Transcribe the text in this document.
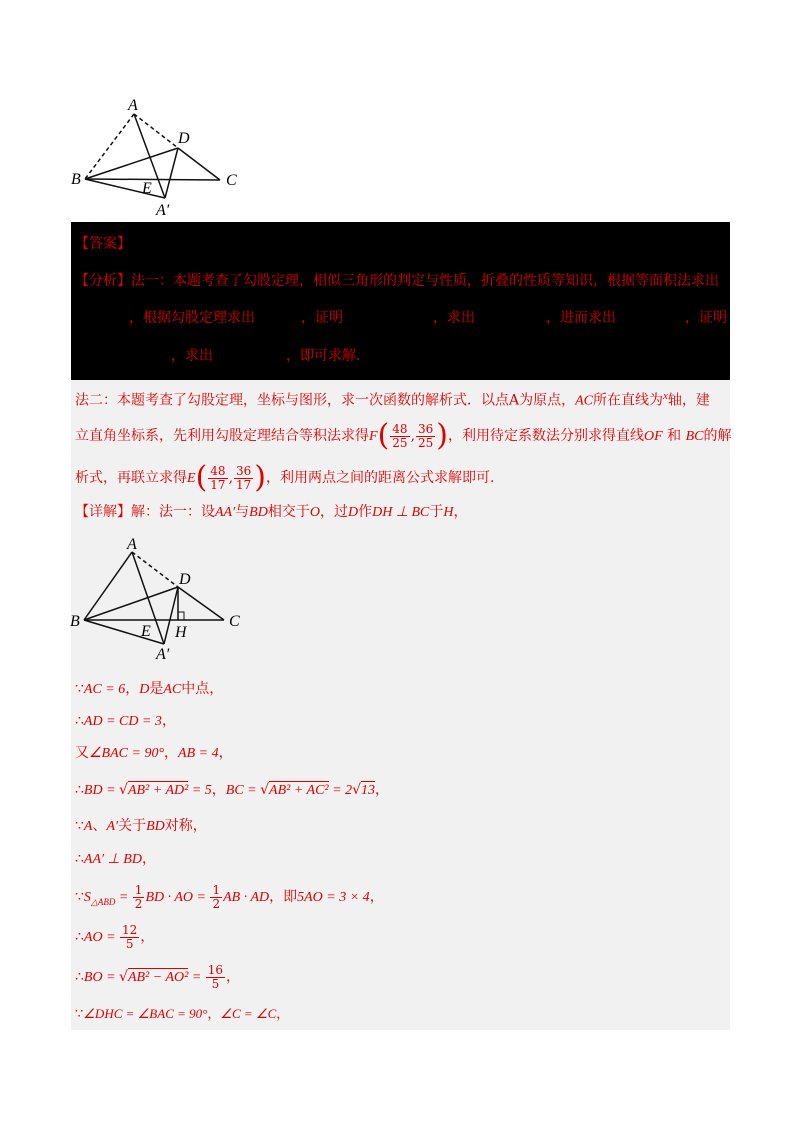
A
B	C
D
E
A′
【答案】
【分析】法一：本题考查了勾股定理，相似三角形的判定与性质，折叠的性质等知识，根据等面积法求出
，根据勾股定理求出	，证明	，求出	，进而求出	，证明
，求出	，即可求解．
法二：本题考查了勾股定理，坐标与图形，求一次函数的解析式．以点A为原点，AC所在直线为$^x$轴，建
立直角坐标系，先利用勾股定理结合等积法求得$F( \frac{48}{25}$ , $\frac{36}{25}$ )，利用待定系数法分别求得直线OF 和 BC的解
析式，再联立求得$E( \frac{48}{17}$ , $\frac{36}{17}$ )，利用两点之间的距离公式求解即可.
【详解】解：法一：设AA′与BD相交于O，过D作DH ⊥ BC于H，
A
B	C
D
E H
A′
∵AC = 6，D是AC中点，
∴AD = CD = 3，
又∠BAC = 90°，AB = 4，
∴BD = √AB² + AD² = 5，BC = √AB² + AC² = 2√13，
∵A、A′关于BD对称，
∴AA′ ⊥ BD，
$\because S_{\triangle ABD} = \frac{1}{2}$ BD · AO = $\frac{1}{2}$ AB · AD，即5AO = 3 × 4，
∴AO = $\frac{12}{5}$ ，
∴BO = $√AB^2 - AO^2 = \frac{16}{5}$ ，
∵∠DHC = ∠BAC = 90°，∠C = ∠C，
